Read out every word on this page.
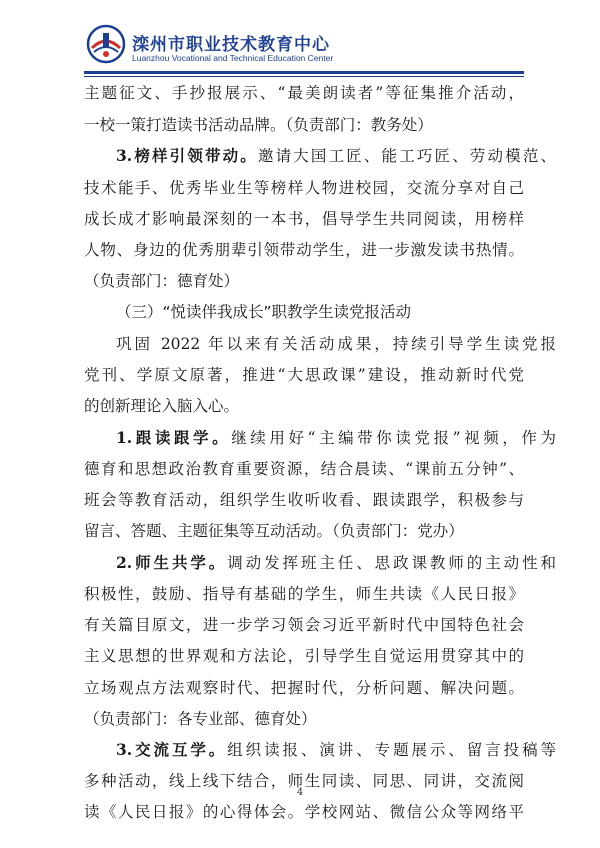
滦州市职业技术教育中心
Luanzhou Vocational and Technical Education Center
主题征文、手抄报展示、“最美朗读者”等征集推介活动，
一校一策打造读书活动品牌。（负责部门：教务处）
3.榜样引领带动。邀请大国工匠、能工巧匠、劳动模范、
技术能手、优秀毕业生等榜样人物进校园，交流分享对自己
成长成才影响最深刻的一本书，倡导学生共同阅读，用榜样
人物、身边的优秀朋辈引领带动学生，进一步激发读书热情。
（负责部门：德育处）
（三）“悦读伴我成长”职教学生读党报活动
巩固 2022 年以来有关活动成果，持续引导学生读党报
党刊、学原文原著，推进“大思政课”建设，推动新时代党
的创新理论入脑入心。
1.跟读跟学。继续用好“主编带你读党报”视频，作为
德育和思想政治教育重要资源，结合晨读、“课前五分钟”、
班会等教育活动，组织学生收听收看、跟读跟学，积极参与
留言、答题、主题征集等互动活动。（负责部门：党办）
2.师生共学。调动发挥班主任、思政课教师的主动性和
积极性，鼓励、指导有基础的学生，师生共读《人民日报》
有关篇目原文，进一步学习领会习近平新时代中国特色社会
主义思想的世界观和方法论，引导学生自觉运用贯穿其中的
立场观点方法观察时代、把握时代，分析问题、解决问题。
（负责部门：各专业部、德育处）
3.交流互学。组织读报、演讲、专题展示、留言投稿等
多种活动，线上线下结合，师生同读、同思、同讲，交流阅
读《人民日报》的心得体会。学校网站、微信公众等网络平
4
